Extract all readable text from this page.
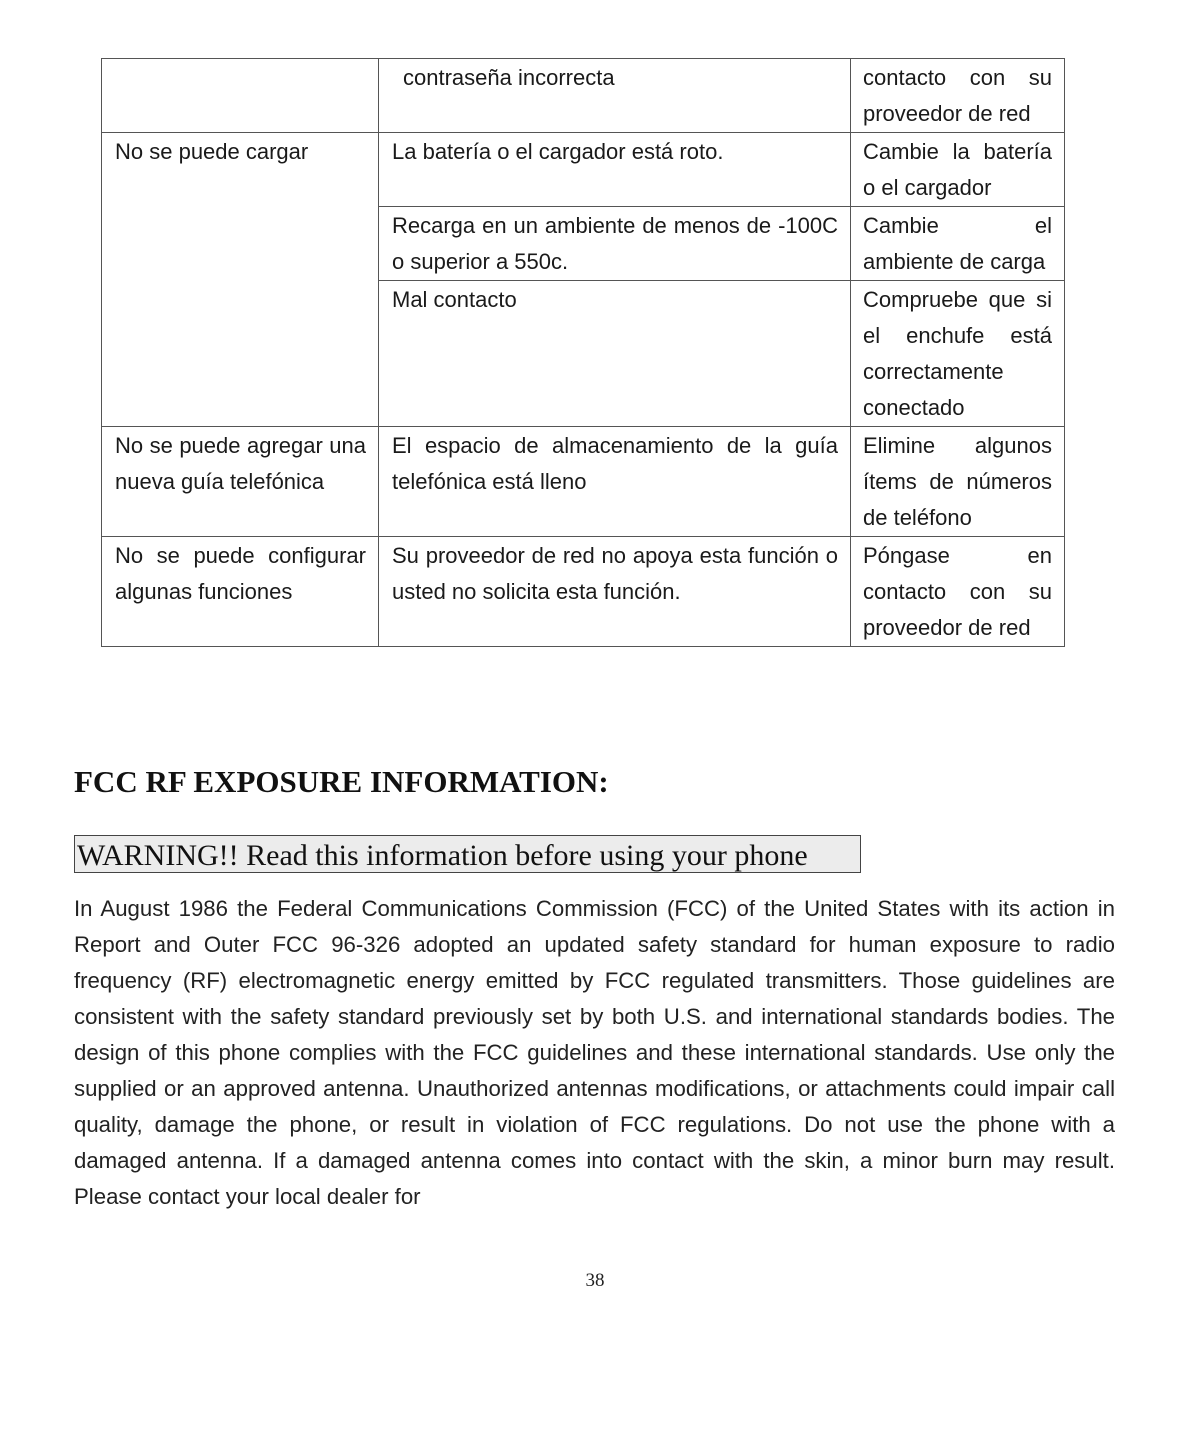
	contraseña incorrecta	contacto con su proveedor de red
No se puede cargar	La batería o el cargador está roto.	Cambie la batería o el cargador
	Recarga en un ambiente de menos de -100C o superior a 550c.	Cambie el ambiente de carga
	Mal contacto	Compruebe que si el enchufe está correctamente conectado
No se puede agregar una nueva guía telefónica	El espacio de almacenamiento de la guía telefónica está lleno	Elimine algunos ítems de números de teléfono
No se puede configurar algunas funciones	Su proveedor de red no apoya esta función o usted no solicita esta función.	Póngase en contacto con su proveedor de red
FCC RF EXPOSURE INFORMATION:
WARNING!! Read this information before using your phone

In August 1986 the Federal Communications Commission (FCC) of the United States with its action in Report and Outer FCC 96-326 adopted an updated safety standard for human exposure to radio frequency (RF) electromagnetic energy emitted by FCC regulated transmitters. Those guidelines are consistent with the safety standard previously set by both U.S. and international standards bodies. The design of this phone complies with the FCC guidelines and these international standards. Use only the supplied or an approved antenna. Unauthorized antennas modifications, or attachments could impair call quality, damage the phone, or result in violation of FCC regulations. Do not use the phone with a damaged antenna. If a damaged antenna comes into contact with the skin, a minor burn may result. Please contact your local dealer for

38
